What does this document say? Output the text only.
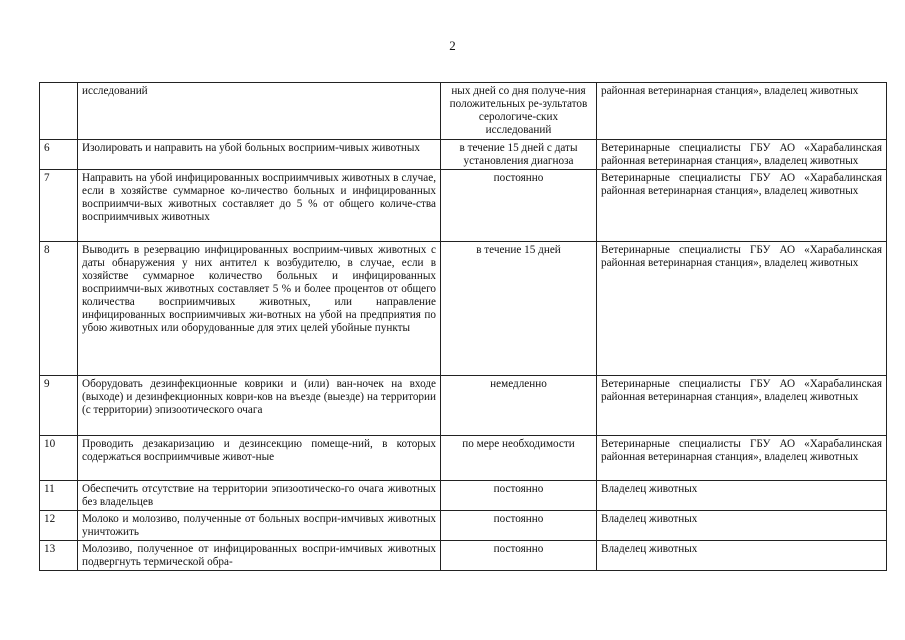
2
	исследований	ных дней со дня получе-ния положительных ре-зультатов серологиче-ских исследований	районная ветеринарная станция», владелец животных
6	Изолировать и направить на убой больных восприим-чивых животных	в течение 15 дней с даты установления диагноза	Ветеринарные специалисты ГБУ АО «Харабалинская районная ветеринарная станция», владелец животных
7	Направить на убой инфицированных восприимчивых животных в случае, если в хозяйстве суммарное ко-личество больных и инфицированных восприимчи-вых животных составляет до 5 % от общего количе-ства восприимчивых животных	постоянно	Ветеринарные специалисты ГБУ АО «Харабалинская районная ветеринарная станция», владелец животных
8	Выводить в резервацию инфицированных восприим-чивых животных с даты обнаружения у них антител к возбудителю, в случае, если в хозяйстве суммарное количество больных и инфицированных восприимчи-вых животных составляет 5 % и более процентов от общего количества восприимчивых животных, или направление инфицированных восприимчивых жи-вотных на убой на предприятия по убою животных или оборудованные для этих целей убойные пункты	в течение 15 дней	Ветеринарные специалисты ГБУ АО «Харабалинская районная ветеринарная станция», владелец животных
9	Оборудовать дезинфекционные коврики и (или) ван-ночек на входе (выходе) и дезинфекционных коври-ков на въезде (выезде) на территории (с территории) эпизоотического очага	немедленно	Ветеринарные специалисты ГБУ АО «Харабалинская районная ветеринарная станция», владелец животных
10	Проводить дезакаризацию и дезинсекцию помеще-ний, в которых содержаться восприимчивые живот-ные	по мере необходимости	Ветеринарные специалисты ГБУ АО «Харабалинская районная ветеринарная станция», владелец животных
11	Обеспечить отсутствие на территории эпизоотическо-го очага животных без владельцев	постоянно	Владелец животных
12	Молоко и молозиво, полученные от больных воспри-имчивых животных уничтожить	постоянно	Владелец животных
13	Молозиво, полученное от инфицированных воспри-имчивых животных подвергнуть термической обра-	постоянно	Владелец животных
